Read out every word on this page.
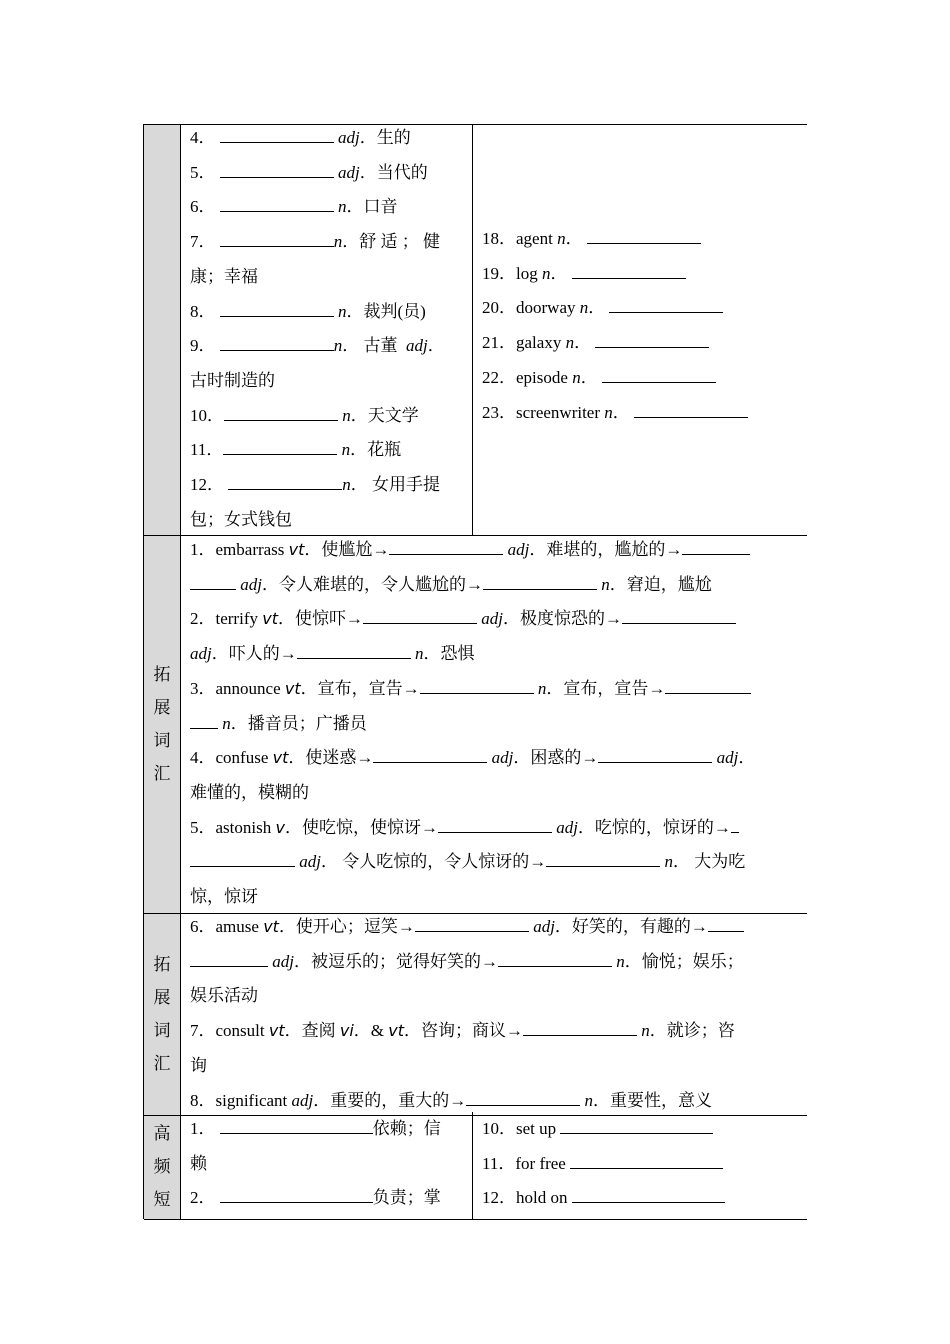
4．	adj．生的
5．	adj．当代的
6．	n．口音
7．	n．舒 适 ； 健
康；幸福
8．	n．裁判(员)
9．	n． 古董  adj．
古时制造的
10．	n．天文学
11．	n．花瓶
12．	n． 女用手提
包；女式钱包
18．agent n．
19．log n．
20．doorway n．
21．galaxy n．
22．episode n．
23．screenwriter n．
拓
展
词
汇
1．embarrass vt．使尴尬→	adj．难堪的，尴尬的→
adj．令人难堪的，令人尴尬的→	n．窘迫，尴尬
2．terrify vt．使惊吓→	adj．极度惊恐的→
adj．吓人的→	n．恐惧
3．announce vt．宣布，宣告→	n．宣布，宣告→
n．播音员；广播员
4．confuse vt．使迷惑→	adj．困惑的→	adj．
难懂的，模糊的
5．astonish v．使吃惊，使惊讶→	adj．吃惊的，惊讶的→
adj． 令人吃惊的，令人惊讶的→	n． 大为吃
惊，惊讶
拓
展
词
汇
6．amuse vt．使开心；逗笑→	adj．好笑的，有趣的→
adj．被逗乐的；觉得好笑的→	n．愉悦；娱乐；
娱乐活动
7．consult vt．查阅 vi．& vt．咨询；商议→	n．就诊；咨
询
8．significant adj．重要的，重大的→	n．重要性，意义
高
频
短
1．	依赖；信
赖
2．	负责；掌
10．set up
11．for free
12．hold on
